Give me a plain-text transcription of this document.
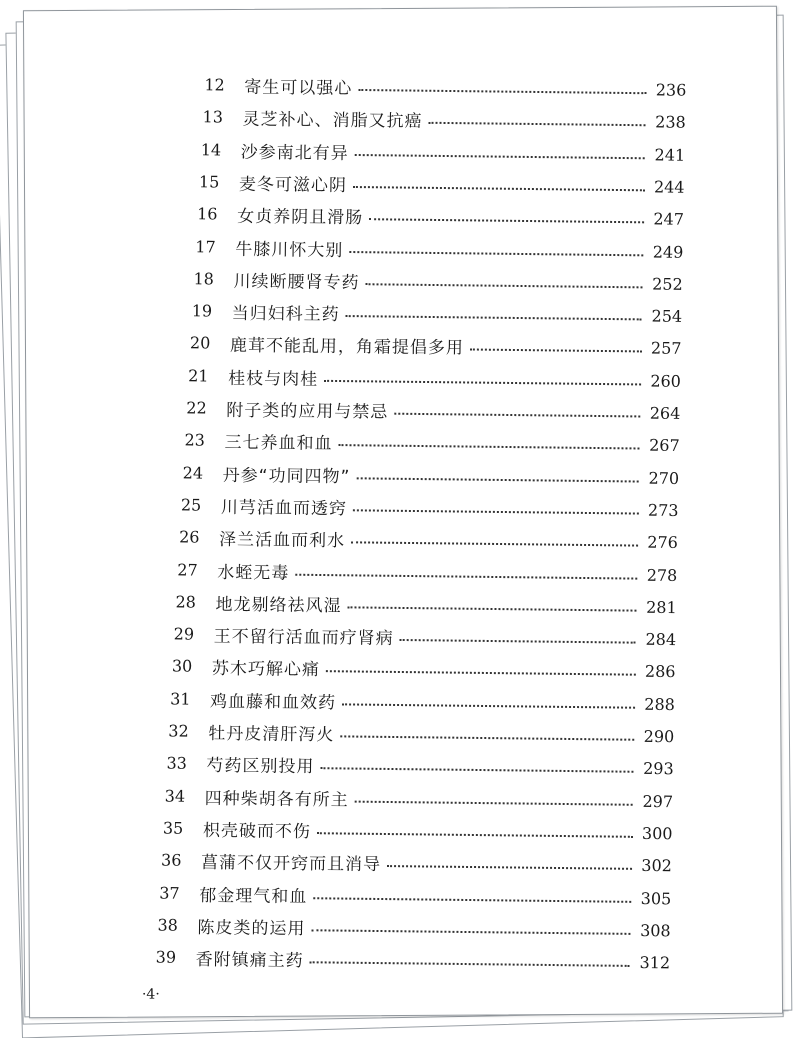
12	寄生可以强心	236
13	灵芝补心、消脂又抗癌	238
14	沙参南北有异	241
15	麦冬可滋心阴	244
16	女贞养阴且滑肠	247
17	牛膝川怀大别	249
18	川续断腰肾专药	252
19	当归妇科主药	254
20	鹿茸不能乱用，角霜提倡多用	257
21	桂枝与肉桂	260
22	附子类的应用与禁忌	264
23	三七养血和血	267
24	丹参“功同四物”	270
25	川芎活血而透窍	273
26	泽兰活血而利水	276
27	水蛭无毒	278
28	地龙剔络祛风湿	281
29	王不留行活血而疗肾病	284
30	苏木巧解心痛	286
31	鸡血藤和血效药	288
32	牡丹皮清肝泻火	290
33	芍药区别投用	293
34	四种柴胡各有所主	297
35	枳壳破而不伤	300
36	菖蒲不仅开窍而且消导	302
37	郁金理气和血	305
38	陈皮类的运用	308
39	香附镇痛主药	312
·4·
